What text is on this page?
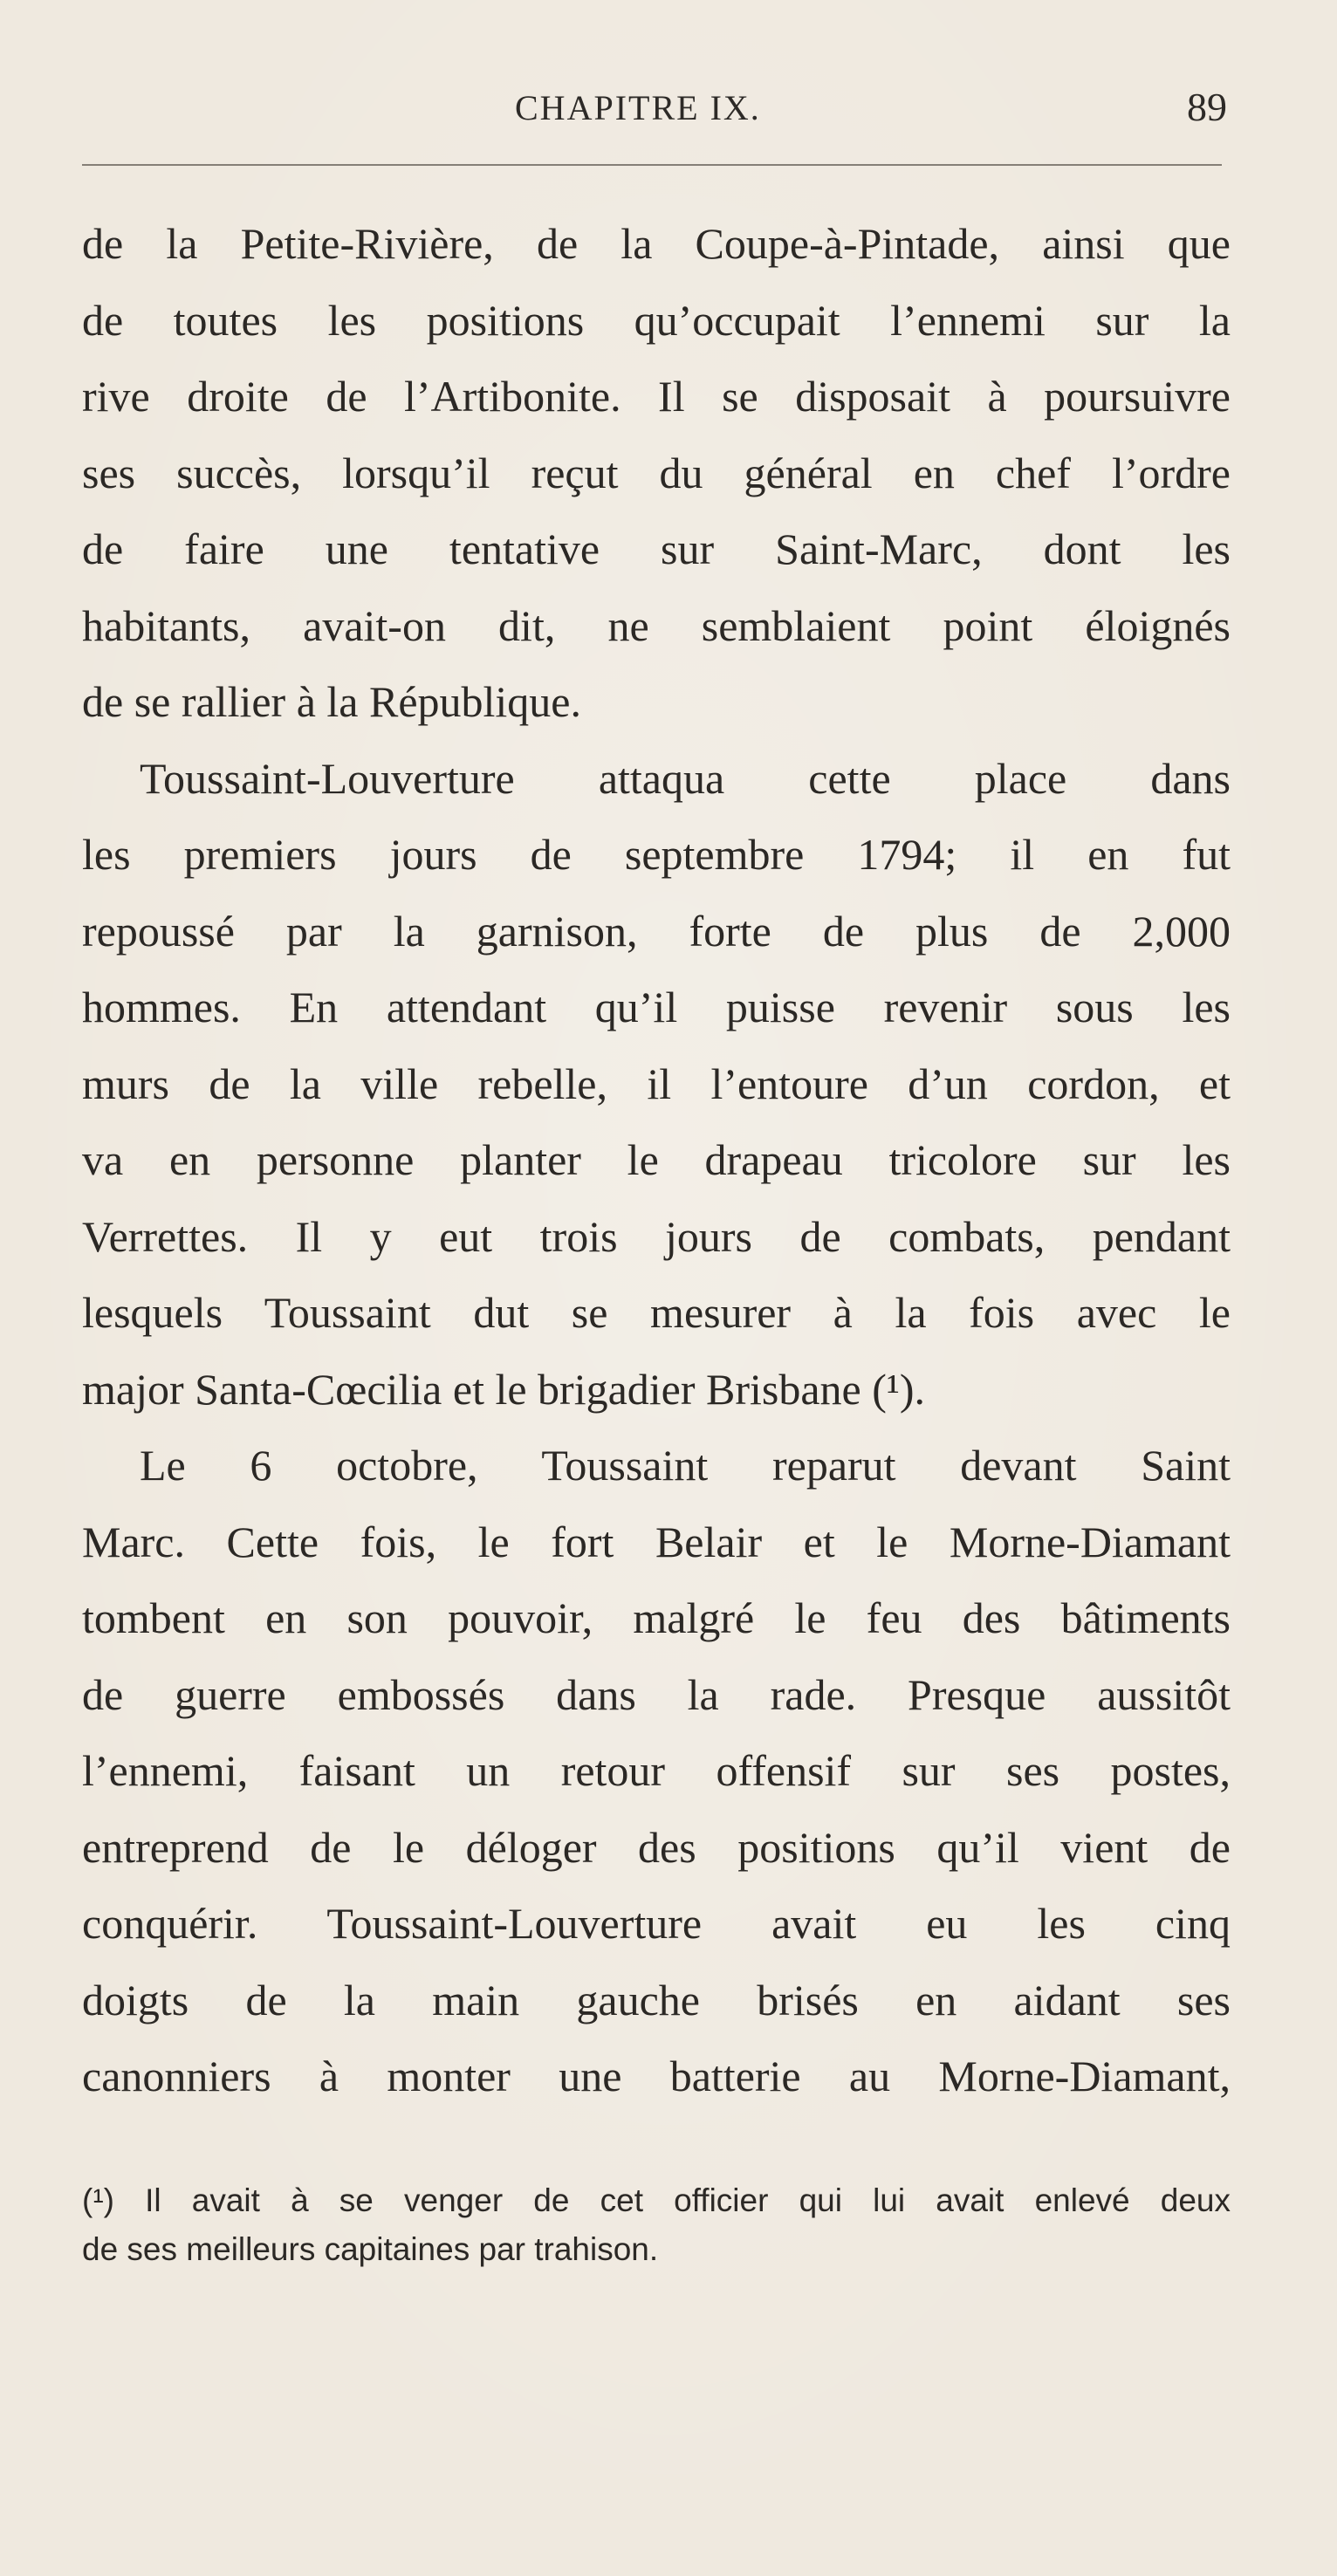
CHAPITRE IX.	89
de la Petite-Rivière, de la Coupe-à-Pintade, ainsi que
de toutes les positions qu’occupait l’ennemi sur la
rive droite de l’Artibonite. Il se disposait à poursuivre
ses succès, lorsqu’il reçut du général en chef l’ordre
de faire une tentative sur Saint-Marc, dont les
habitants, avait-on dit, ne semblaient point éloignés
de se rallier à la République.
Toussaint-Louverture attaqua cette place dans
les premiers jours de septembre 1794; il en fut
repoussé par la garnison, forte de plus de 2,000
hommes. En attendant qu’il puisse revenir sous les
murs de la ville rebelle, il l’entoure d’un cordon, et
va en personne planter le drapeau tricolore sur les
Verrettes. Il y eut trois jours de combats, pendant
lesquels Toussaint dut se mesurer à la fois avec le
major Santa-Cœcilia et le brigadier Brisbane (¹).
Le 6 octobre, Toussaint reparut devant Saint
Marc. Cette fois, le fort Belair et le Morne-Diamant
tombent en son pouvoir, malgré le feu des bâtiments
de guerre embossés dans la rade. Presque aussitôt
l’ennemi, faisant un retour offensif sur ses postes,
entreprend de le déloger des positions qu’il vient de
conquérir. Toussaint-Louverture avait eu les cinq
doigts de la main gauche brisés en aidant ses
canonniers à monter une batterie au Morne-Diamant,
(¹) Il avait à se venger de cet officier qui lui avait enlevé deux
de ses meilleurs capitaines par trahison.
